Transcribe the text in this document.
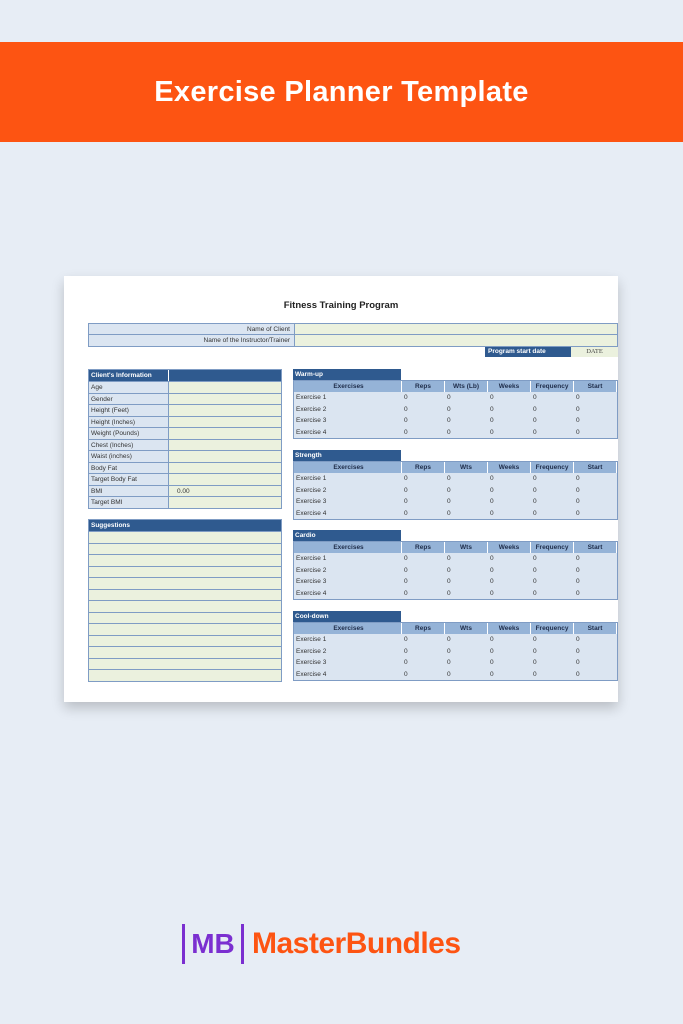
Exercise Planner Template
Fitness Training Program
Name of Client
Name of the Instructor/Trainer
Program start date	DATE
Client's Information
Age
Gender
Height (Feet)
Height (Inches)
Weight (Pounds)
Chest (Inches)
Waist (inches)
Body Fat
Target Body Fat
BMI	0.00
Target BMI
Suggestions
Warm-up
Exercises	Reps	Wts (Lb)	Weeks	Frequency	Start
Exercise 1	0	0	0	0	0
Exercise 2	0	0	0	0	0
Exercise 3	0	0	0	0	0
Exercise 4	0	0	0	0	0
Strength
Exercises	Reps	Wts	Weeks	Frequency	Start
Exercise 1	0	0	0	0	0
Exercise 2	0	0	0	0	0
Exercise 3	0	0	0	0	0
Exercise 4	0	0	0	0	0
Cardio
Exercises	Reps	Wts	Weeks	Frequency	Start
Exercise 1	0	0	0	0	0
Exercise 2	0	0	0	0	0
Exercise 3	0	0	0	0	0
Exercise 4	0	0	0	0	0
Cool-down
Exercises	Reps	Wts	Weeks	Frequency	Start
Exercise 1	0	0	0	0	0
Exercise 2	0	0	0	0	0
Exercise 3	0	0	0	0	0
Exercise 4	0	0	0	0	0
MB MasterBundles
